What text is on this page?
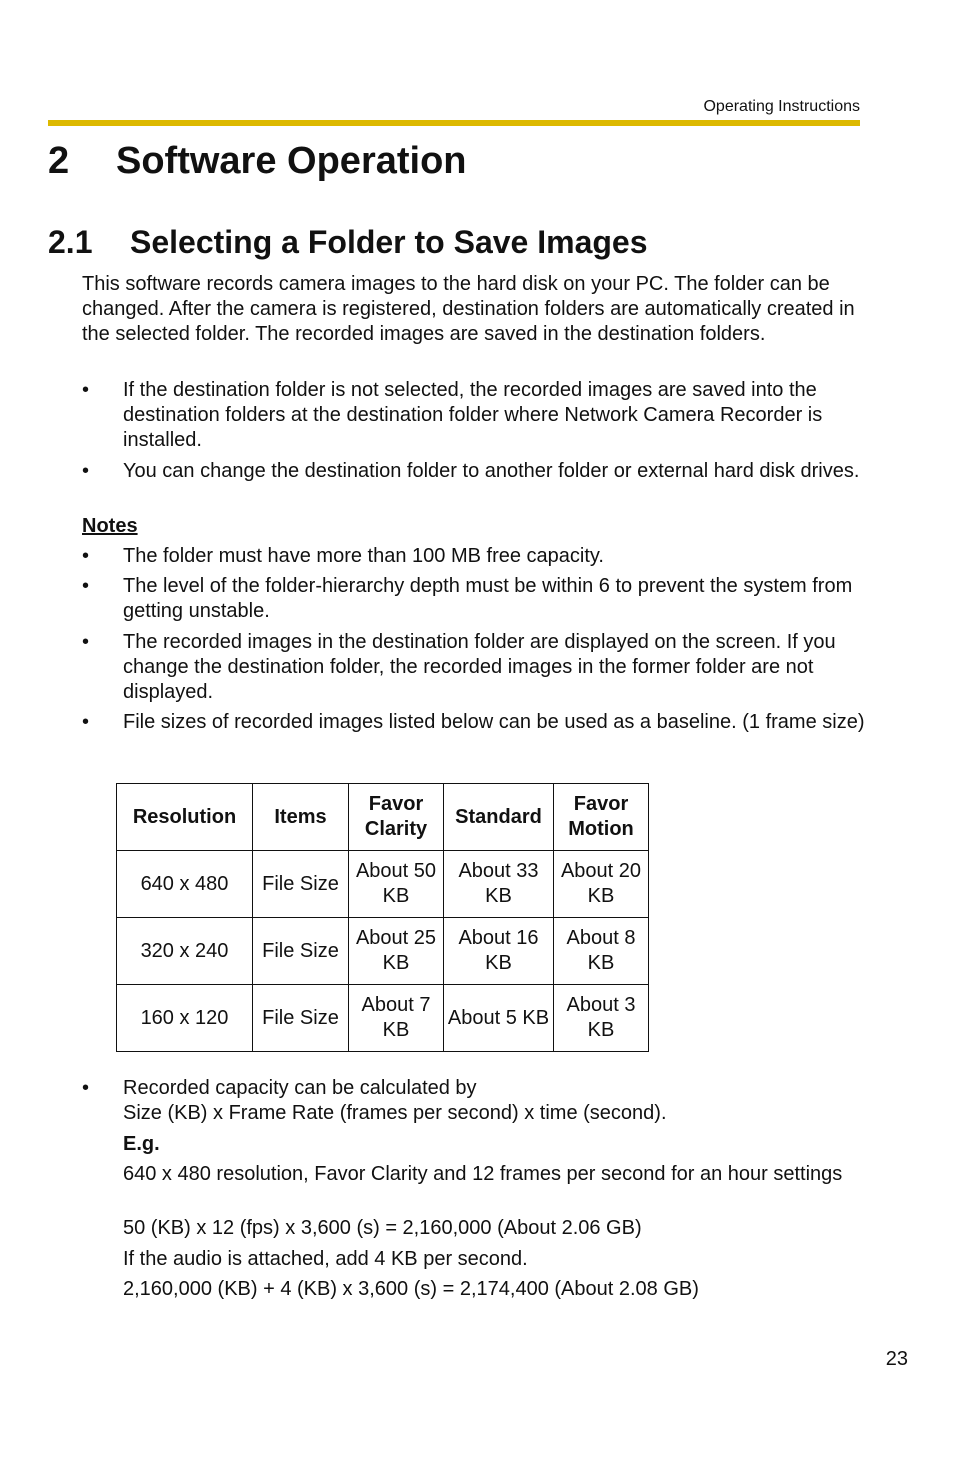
Operating Instructions
2 Software Operation
2.1 Selecting a Folder to Save Images

This software records camera images to the hard disk on your PC. The folder can be changed. After the camera is registered, destination folders are automatically created in the selected folder. The recorded images are saved in the destination folders.

•	If the destination folder is not selected, the recorded images are saved into the destination folders at the destination folder where Network Camera Recorder is installed.
•	You can change the destination folder to another folder or external hard disk drives.
Notes
•	The folder must have more than 100 MB free capacity.
•	The level of the folder-hierarchy depth must be within 6 to prevent the system from getting unstable.
•	The recorded images in the destination folder are displayed on the screen. If you change the destination folder, the recorded images in the former folder are not displayed.
•	File sizes of recorded images listed below can be used as a baseline. (1 frame size)
Resolution	Items	Favor Clarity	Standard	Favor Motion
640 x 480	File Size	About 50 KB	About 33 KB	About 20 KB
320 x 240	File Size	About 25 KB	About 16 KB	About 8 KB
160 x 120	File Size	About 7 KB	About 5 KB	About 3 KB
•	Recorded capacity can be calculated by
Size (KB) x Frame Rate (frames per second) x time (second).
E.g.
640 x 480 resolution, Favor Clarity and 12 frames per second for an hour settings
50 (KB) x 12 (fps) x 3,600 (s) = 2,160,000 (About 2.06 GB)
If the audio is attached, add 4 KB per second.
2,160,000 (KB) + 4 (KB) x 3,600 (s) = 2,174,400 (About 2.08 GB)
23
